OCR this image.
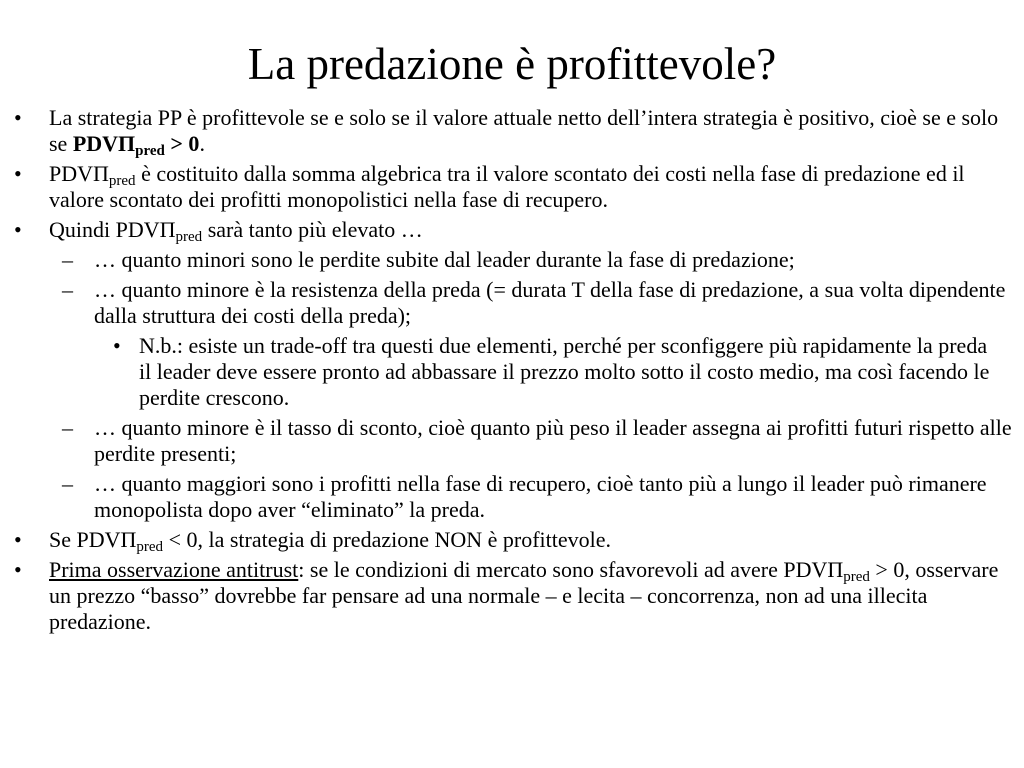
La predazione è profittevole?
• La strategia PP è profittevole se e solo se il valore attuale netto dell’intera strategia è positivo, cioè se e solo se $PDV\Pi_{pred} > 0$.
• $PDV\Pi_{pred}$ è costituito dalla somma algebrica tra il valore scontato dei costi nella fase di predazione ed il valore scontato dei profitti monopolistici nella fase di recupero.
• Quindi $PDV\Pi_{pred}$ sarà tanto più elevato …
– … quanto minori sono le perdite subite dal leader durante la fase di predazione;
– … quanto minore è la resistenza della preda (= durata T della fase di predazione, a sua volta dipendente dalla struttura dei costi della preda);
• N.b.: esiste un trade-off tra questi due elementi, perché per sconfiggere più rapidamente la preda il leader deve essere pronto ad abbassare il prezzo molto sotto il costo medio, ma così facendo le perdite crescono.
– … quanto minore è il tasso di sconto, cioè quanto più peso il leader assegna ai profitti futuri rispetto alle perdite presenti;
– … quanto maggiori sono i profitti nella fase di recupero, cioè tanto più a lungo il leader può rimanere monopolista dopo aver “eliminato” la preda.
• Se $PDV\Pi_{pred} < 0$, la strategia di predazione NON è profittevole.
• Prima osservazione antitrust: se le condizioni di mercato sono sfavorevoli ad avere $PDV\Pi_{pred} > 0$, osservare un prezzo “basso” dovrebbe far pensare ad una normale – e lecita – concorrenza, non ad una illecita predazione.
